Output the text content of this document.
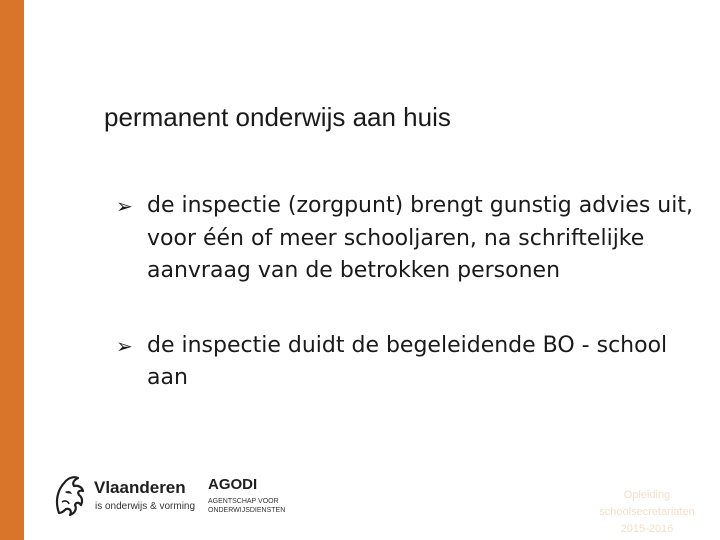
permanent onderwijs aan huis
➢ de inspectie (zorgpunt) brengt gunstig advies uit, voor één of meer schooljaren, na schriftelijke aanvraag van de betrokken personen
➢ de inspectie duidt de begeleidende BO - school aan
Vlaanderen
is onderwijs & vorming
AGODI
AGENTSCHAP VOOR ONDERWIJSDIENSTEN
Opleiding
schoolsecretariaten
2015-2016
